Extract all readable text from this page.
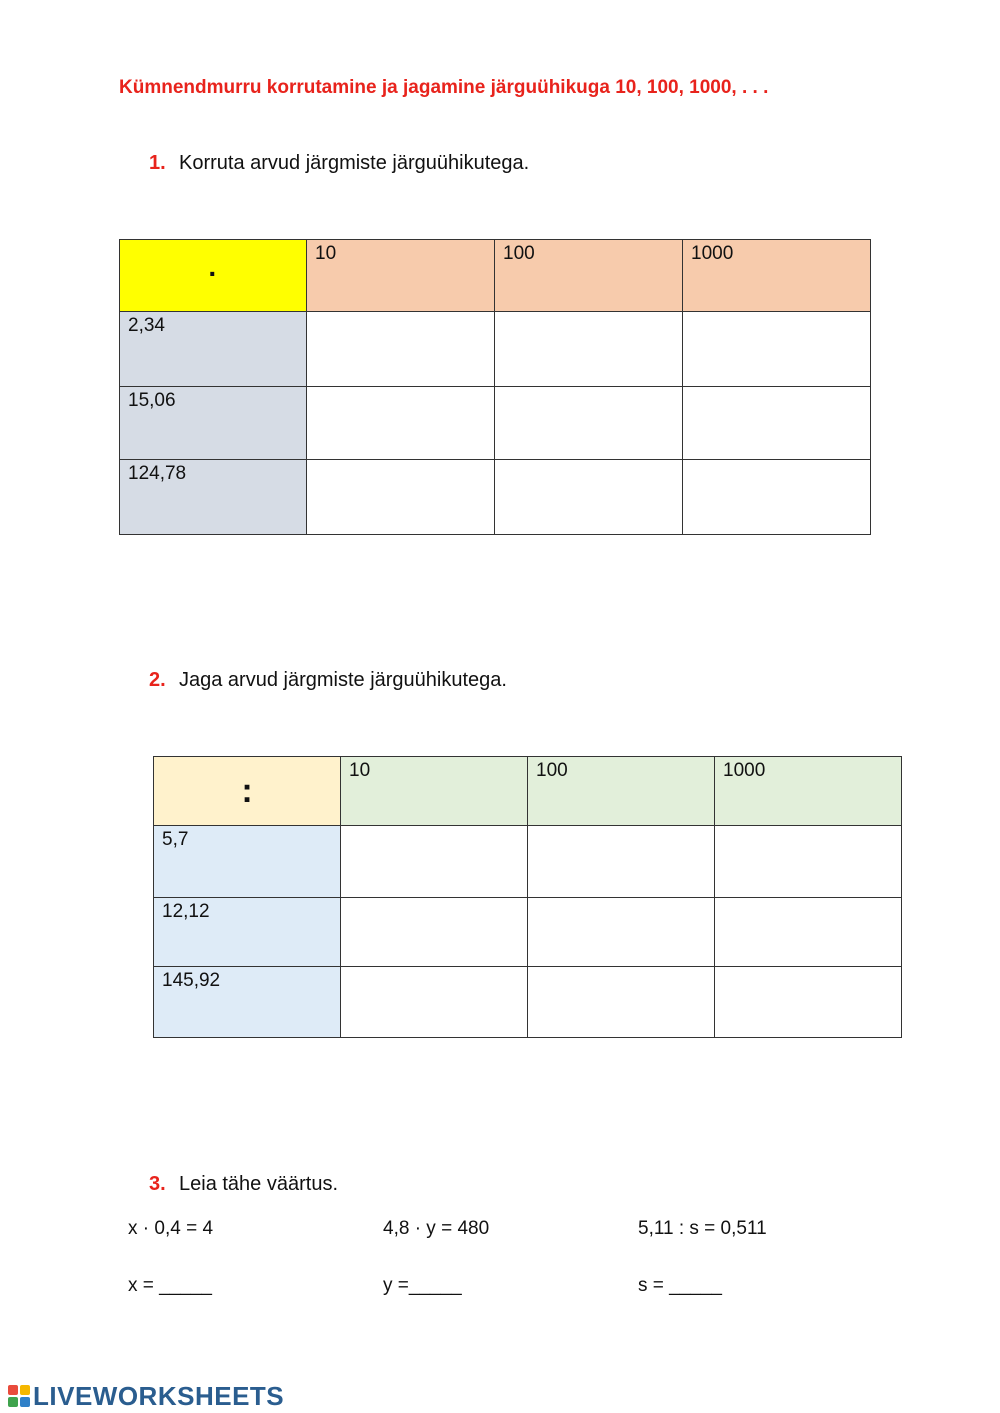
Kümnendmurru korrutamine ja jagamine järguühikuga 10, 100, 1000, . . .
1. Korruta arvud järgmiste järguühikutega.
·	10	100	1000
2,34			
15,06			
124,78			
2. Jaga arvud järgmiste järguühikutega.
:	10	100	1000
5,7			
12,12			
145,92			
3. Leia tähe väärtus.
x · 0,4 = 4	4,8 · y = 480	5,11 : s = 0,511
x = _____	y =_____	s = _____
LIVEWORKSHEETS
